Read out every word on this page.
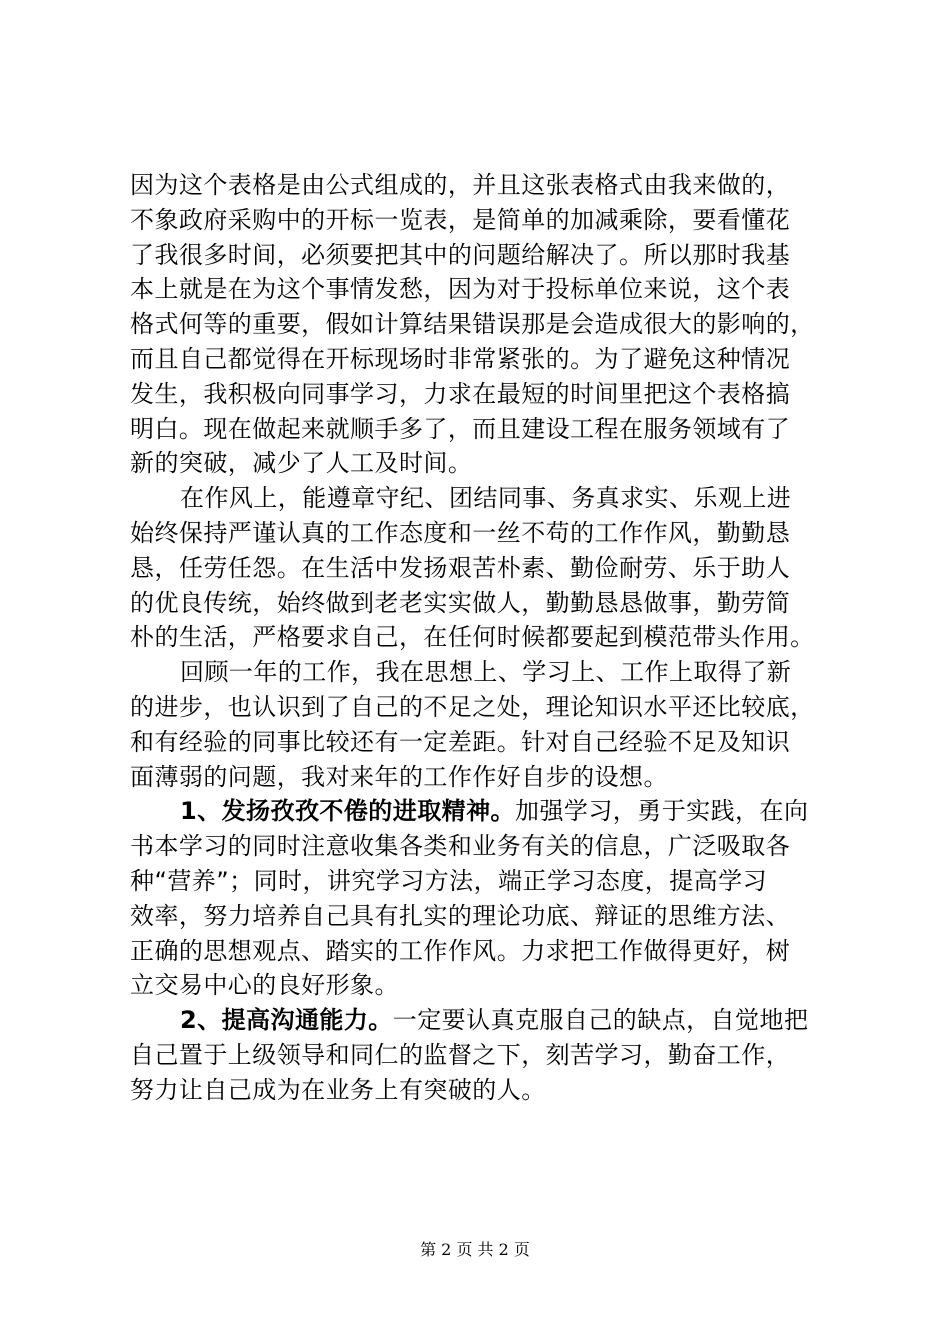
因为这个表格是由公式组成的，并且这张表格式由我来做的，
不象政府采购中的开标一览表，是简单的加减乘除，要看懂花
了我很多时间，必须要把其中的问题给解决了。所以那时我基
本上就是在为这个事情发愁，因为对于投标单位来说，这个表
格式何等的重要，假如计算结果错误那是会造成很大的影响的，
而且自己都觉得在开标现场时非常紧张的。为了避免这种情况
发生，我积极向同事学习，力求在最短的时间里把这个表格搞
明白。现在做起来就顺手多了，而且建设工程在服务领域有了
新的突破，减少了人工及时间。
在作风上，能遵章守纪、团结同事、务真求实、乐观上进
始终保持严谨认真的工作态度和一丝不苟的工作作风，勤勤恳
恳，任劳任怨。在生活中发扬艰苦朴素、勤俭耐劳、乐于助人
的优良传统，始终做到老老实实做人，勤勤恳恳做事，勤劳简
朴的生活，严格要求自己，在任何时候都要起到模范带头作用。
回顾一年的工作，我在思想上、学习上、工作上取得了新
的进步，也认识到了自己的不足之处，理论知识水平还比较底，
和有经验的同事比较还有一定差距。针对自己经验不足及知识
面薄弱的问题，我对来年的工作作好自步的设想。
1、发扬孜孜不倦的进取精神。加强学习，勇于实践，在向
书本学习的同时注意收集各类和业务有关的信息，广泛吸取各
种“营养”；同时，讲究学习方法，端正学习态度，提高学习
效率，努力培养自己具有扎实的理论功底、辩证的思维方法、
正确的思想观点、踏实的工作作风。力求把工作做得更好，树
立交易中心的良好形象。
2、提高沟通能力。一定要认真克服自己的缺点，自觉地把
自己置于上级领导和同仁的监督之下，刻苦学习，勤奋工作，
努力让自己成为在业务上有突破的人。
第 2 页 共 2 页
